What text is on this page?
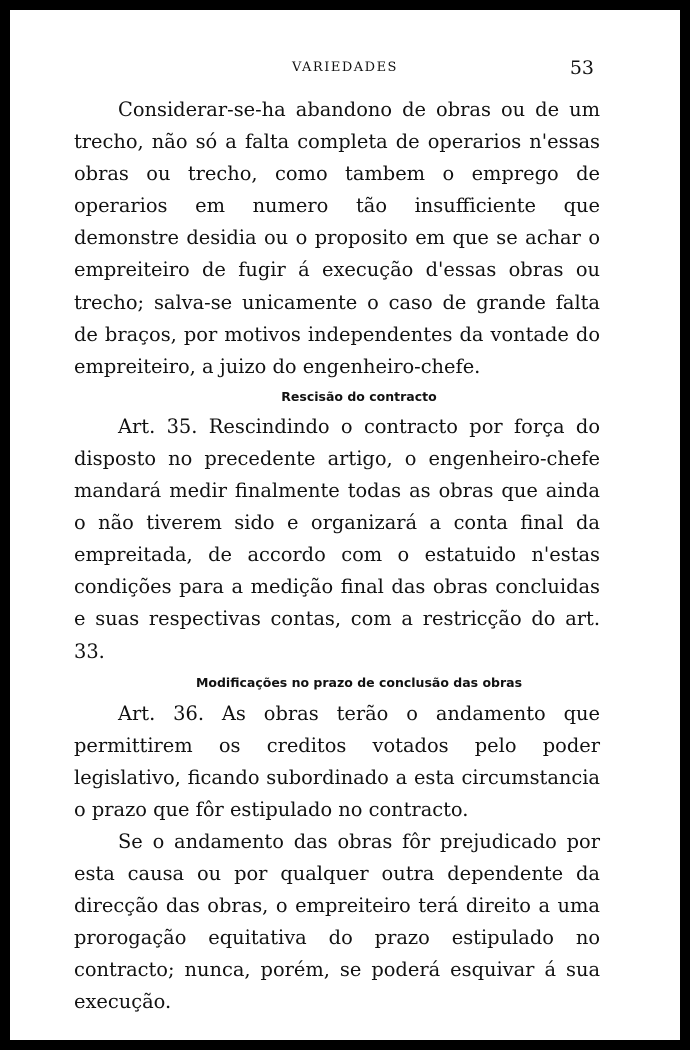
VARIEDADES	53

Considerar-se-ha abandono de obras ou de um trecho, não só a falta completa de operarios n'essas obras ou trecho, como tambem o emprego de operarios em numero tão insufficiente que demonstre desidia ou o proposito em que se achar o empreiteiro de fugir á execução d'essas obras ou trecho; salva-se unicamente o caso de grande falta de braços, por motivos independentes da vontade do empreiteiro, a juizo do engenheiro-chefe.

Rescisão do contracto

Art. 35. Rescindindo o contracto por força do disposto no precedente artigo, o engenheiro-chefe mandará medir finalmente todas as obras que ainda o não tiverem sido e organizará a conta final da empreitada, de accordo com o estatuido n'estas condições para a medição final das obras concluidas e suas respectivas contas, com a restricção do art. 33.

Modificações no prazo de conclusão das obras

Art. 36. As obras terão o andamento que permittirem os creditos votados pelo poder legislativo, ficando subordinado a esta circumstancia o prazo que fôr estipulado no contracto.

Se o andamento das obras fôr prejudicado por esta causa ou por qualquer outra dependente da direcção das obras, o empreiteiro terá direito a uma prorogação equitativa do prazo estipulado no contracto; nunca, porém, se poderá esquivar á sua execução.
